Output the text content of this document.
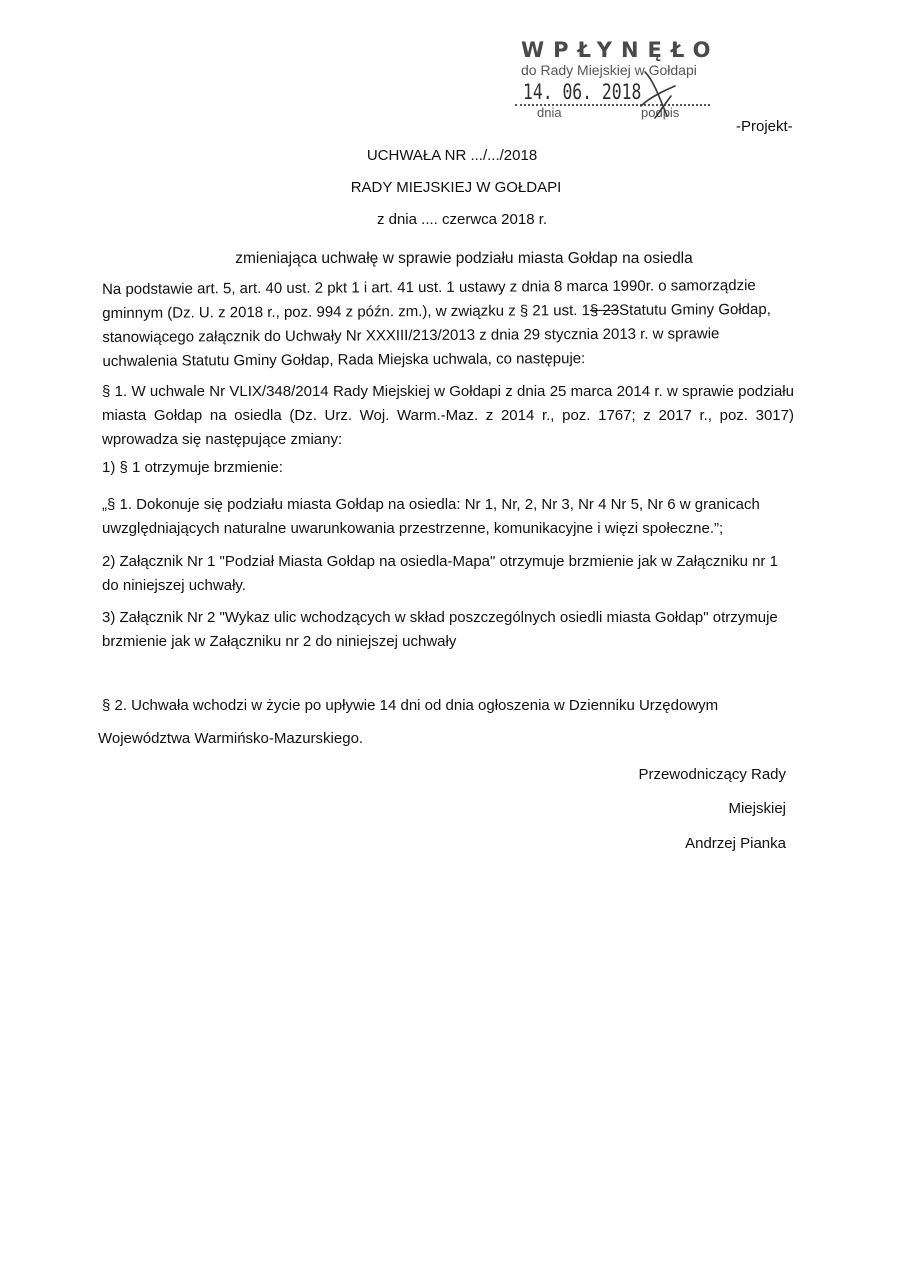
WPŁYNĘŁO
do Rady Miejskiej w Gołdapi
14. 06. 2018
dnia	podpis
-Projekt-
UCHWAŁA NR .../.../2018
RADY MIEJSKIEJ W GOŁDAPI
z dnia .... czerwca 2018 r.
zmieniająca uchwałę w sprawie podziału miasta Gołdap na osiedla
Na podstawie art. 5, art. 40 ust. 2 pkt 1 i art. 41 ust. 1 ustawy z dnia 8 marca 1990r. o samorządzie gminnym (Dz. U. z 2018 r., poz. 994 z późn. zm.), w związku z § 21 ust. 1§ 23Statutu Gminy Gołdap, stanowiącego załącznik do Uchwały Nr XXXIII/213/2013 z dnia 29 stycznia 2013 r. w sprawie uchwalenia Statutu Gminy Gołdap, Rada Miejska uchwala, co następuje:
§ 1. W uchwale Nr VLIX/348/2014 Rady Miejskiej w Gołdapi z dnia 25 marca 2014 r. w sprawie podziału miasta Gołdap na osiedla (Dz. Urz. Woj. Warm.-Maz. z 2014 r., poz. 1767; z 2017 r., poz. 3017) wprowadza się następujące zmiany:
1) § 1 otrzymuje brzmienie:
„§ 1. Dokonuje się podziału miasta Gołdap na osiedla: Nr 1, Nr, 2, Nr 3, Nr 4 Nr 5, Nr 6 w granicach uwzględniających naturalne uwarunkowania przestrzenne, komunikacyjne i więzi społeczne.”;
2) Załącznik Nr 1 "Podział Miasta Gołdap na osiedla-Mapa" otrzymuje brzmienie jak w Załączniku nr 1 do niniejszej uchwały.
3) Załącznik Nr 2 "Wykaz ulic wchodzących w skład poszczególnych osiedli miasta Gołdap" otrzymuje brzmienie jak w Załączniku nr 2 do niniejszej uchwały
§ 2. Uchwała wchodzi w życie po upływie 14 dni od dnia ogłoszenia w Dzienniku Urzędowym
Województwa Warmińsko-Mazurskiego.
Przewodniczący Rady
Miejskiej
Andrzej Pianka
